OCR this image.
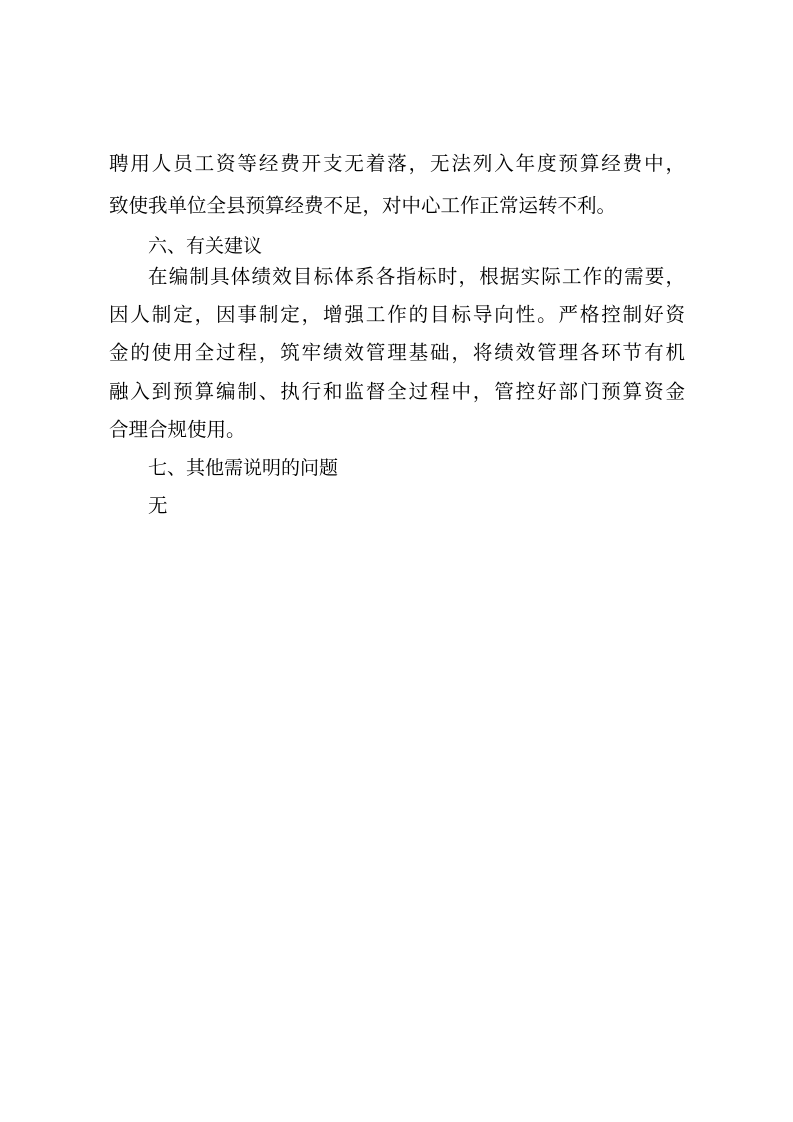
聘用人员工资等经费开支无着落，无法列入年度预算经费中，
致使我单位全县预算经费不足，对中心工作正常运转不利。
六、有关建议
在编制具体绩效目标体系各指标时，根据实际工作的需要，
因人制定，因事制定，增强工作的目标导向性。严格控制好资
金的使用全过程，筑牢绩效管理基础，将绩效管理各环节有机
融入到预算编制、执行和监督全过程中，管控好部门预算资金
合理合规使用。
七、其他需说明的问题
无
